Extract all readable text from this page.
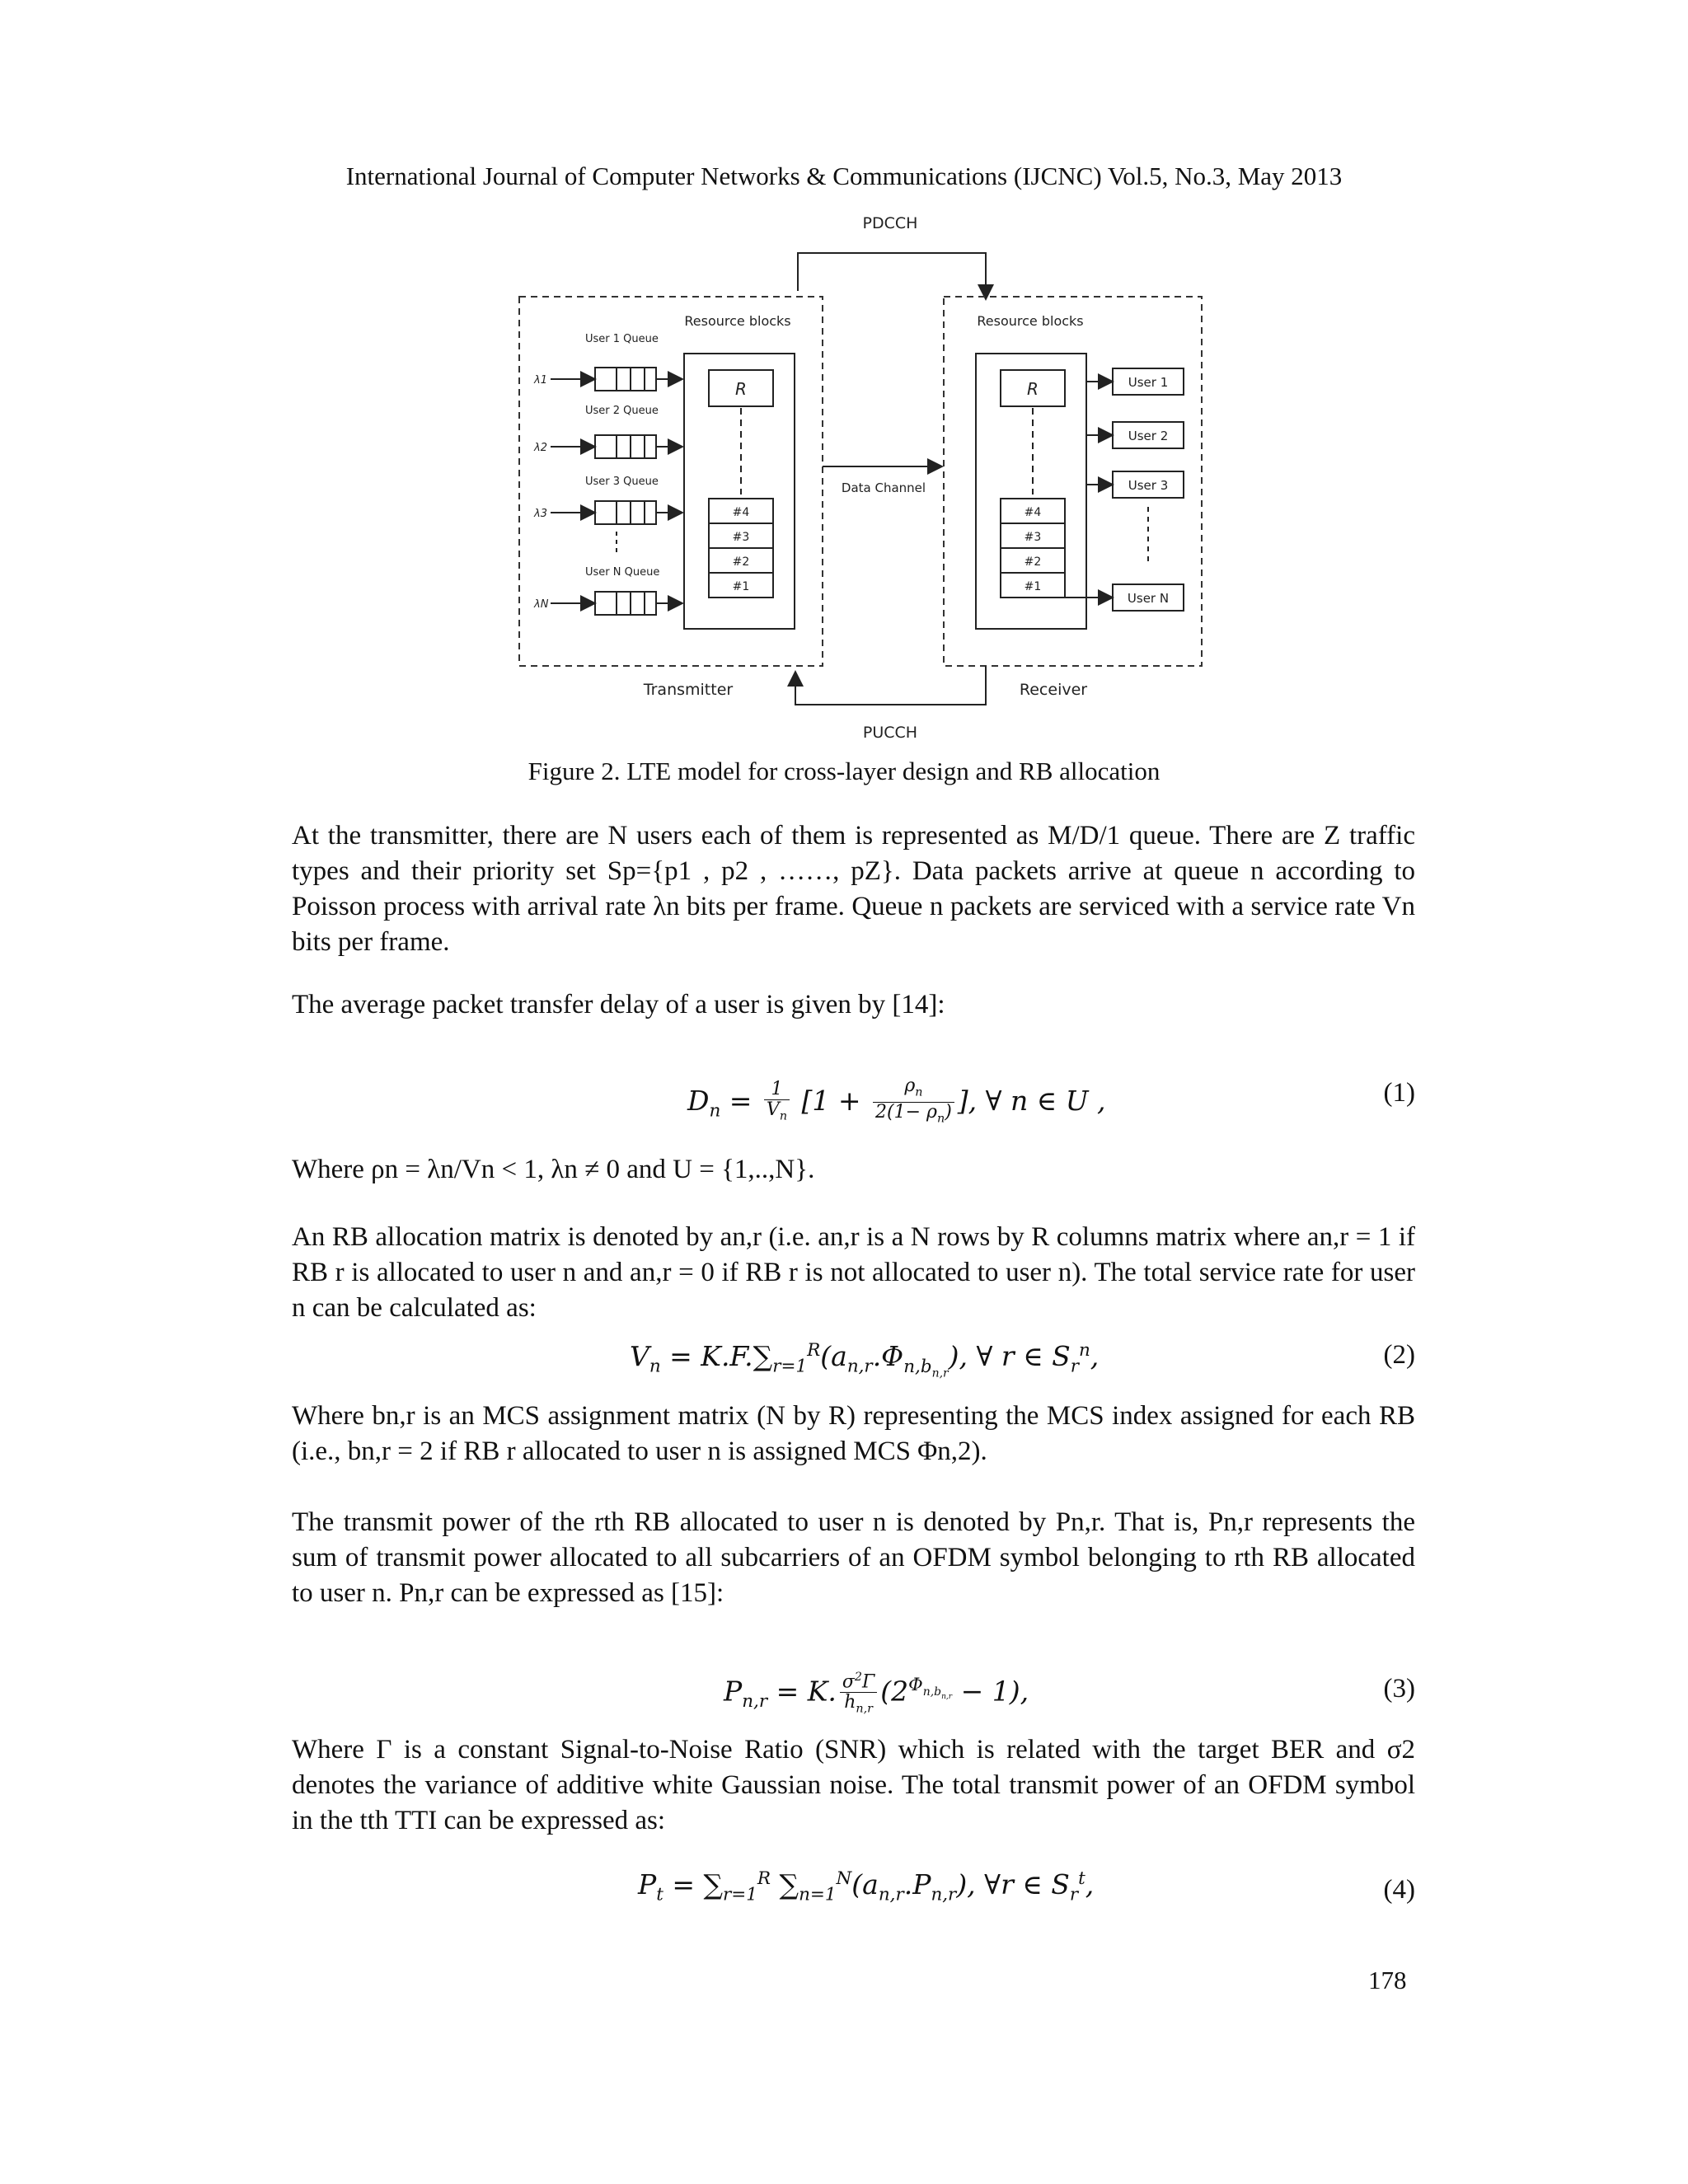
International Journal of Computer Networks & Communications (IJCNC) Vol.5, No.3, May 2013
PDCCH
Resource blocks	Resource blocks
R
#4
#3
#2
#1
User 1 Queue
λ1
User 2 Queue
λ2
User 3 Queue
λ3
User N Queue
λN
Data Channel
R
#4
#3
#2
#1
User 1
User 2
User 3
User N
Transmitter	Receiver
PUCCH
Figure 2. LTE model for cross-layer design and RB allocation
At the transmitter, there are N users each of them is represented as M/D/1 queue. There are Z traffic types and their priority set Sp={p1 , p2 , ……, pZ}. Data packets arrive at queue n according to Poisson process with arrival rate λn bits per frame. Queue n packets are serviced with a service rate Vn bits per frame.
The average packet transfer delay of a user is given by [14]:
$D_n = \frac{1}{V_n} [1 + \frac{\rho_n}{2(1- \rho_n)}$ ], ∀ n ∈ U ,	(1)
Where ρn = λn/Vn < 1, λn ≠ 0 and U = {1,..,N}.
An RB allocation matrix is denoted by an,r (i.e. an,r is a N rows by R columns matrix where an,r = 1 if RB r is allocated to user n and an,r = 0 if RB r is not allocated to user n). The total service rate for user n can be calculated as:
$V_n = K.F.\sum_{r=1}^R(a_{n,r}.\Phi_{n,b_{n,r}})$, ∀ r ∈ $S_r^n$,	(2)
Where bn,r is an MCS assignment matrix (N by R) representing the MCS index assigned for each RB (i.e., bn,r = 2 if RB r allocated to user n is assigned MCS Φn,2).
The transmit power of the rth RB allocated to user n is denoted by Pn,r. That is, Pn,r represents the sum of transmit power allocated to all subcarriers of an OFDM symbol belonging to rth RB allocated to user n. Pn,r can be expressed as [15]:
$P_{n,r} = K$. $\frac{\sigma^2\Gamma}{h_{n,r}} (2^{\Phi_{n,b_{n,r}}} - 1)$,	(3)
Where Γ is a constant Signal-to-Noise Ratio (SNR) which is related with the target BER and σ2 denotes the variance of additive white Gaussian noise. The total transmit power of an OFDM symbol in the tth TTI can be expressed as:
$P_t = \sum_{r=1}^R$ $\sum_{n=1}^N(a_{n,r}.P_{n,r})$, ∀r ∈ $S_r^t$,	(4)
178
